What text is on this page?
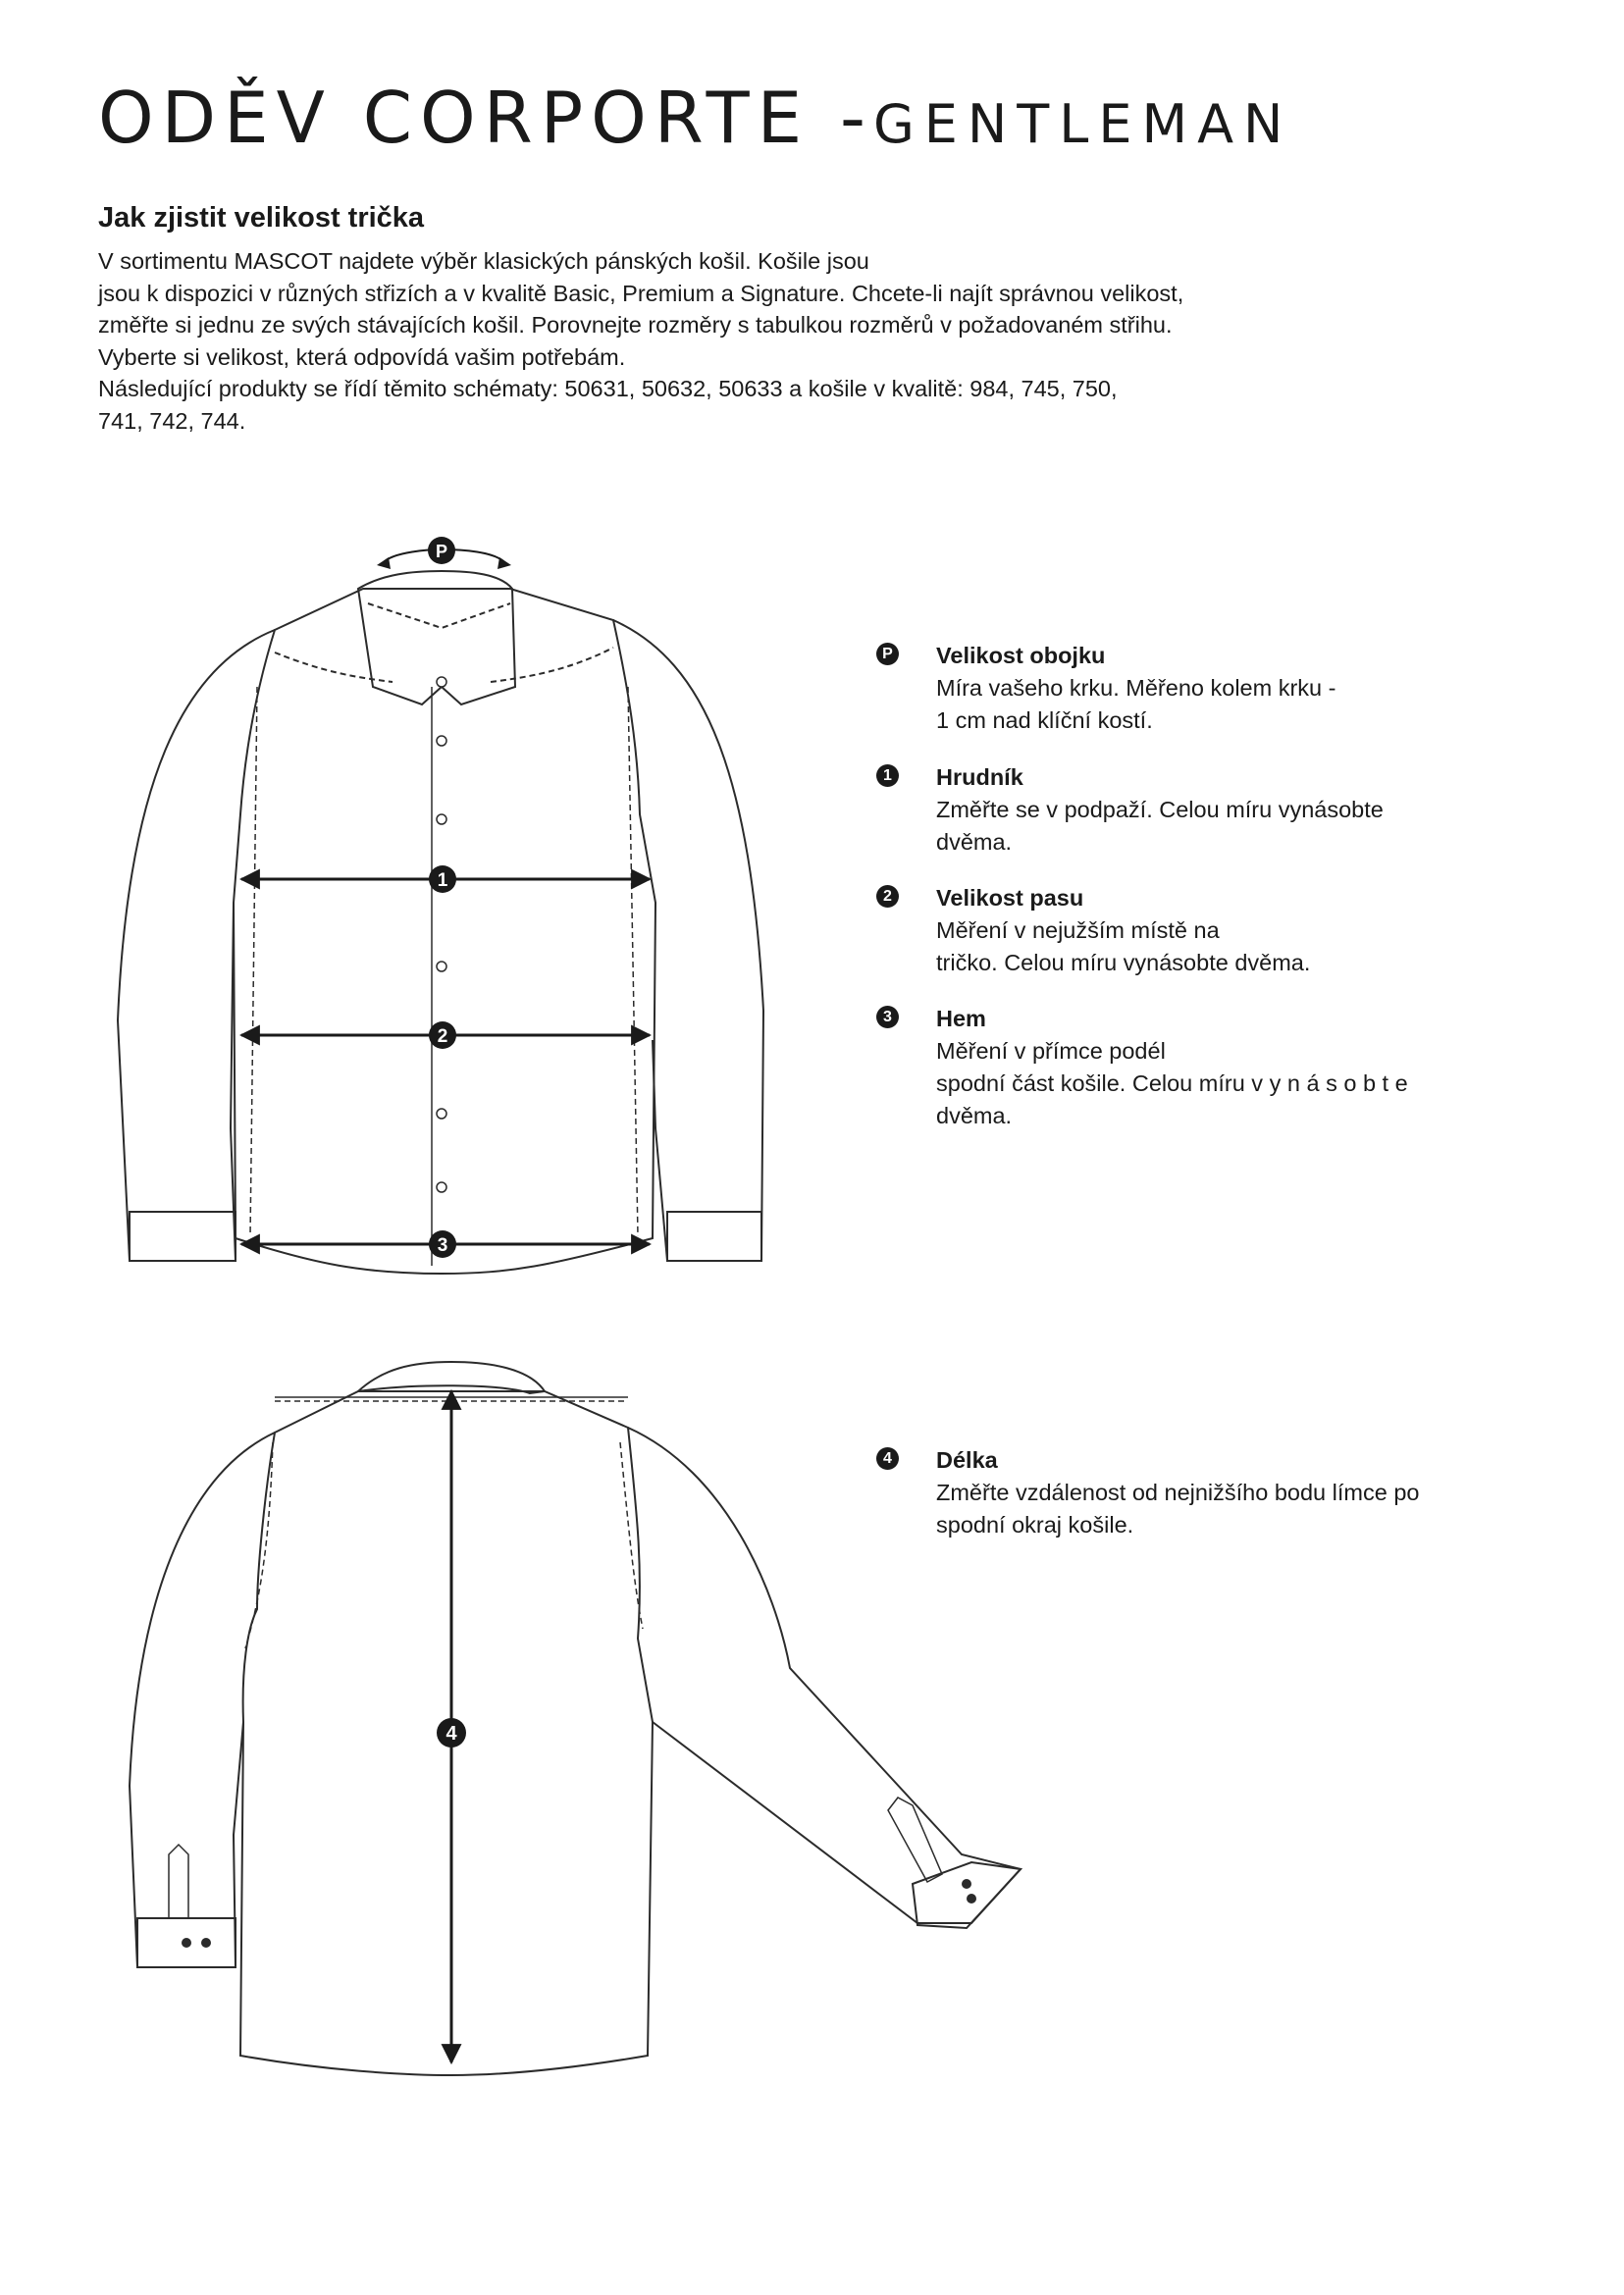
ODĚV CORPORTE -GENTLEMAN
Jak zjistit velikost trička
V sortimentu MASCOT najdete výběr klasických pánských košil. Košile jsou
jsou k dispozici v různých střizích a v kvalitě Basic, Premium a Signature. Chcete-li najít správnou velikost,
změřte si jednu ze svých stávajících košil. Porovnejte rozměry s tabulkou rozměrů v požadovaném střihu.
Vyberte si velikost, která odpovídá vašim potřebám.
Následující produkty se řídí těmito schématy: 50631, 50632, 50633 a košile v kvalitě: 984, 745, 750,
741, 742, 744.
P
1
2
3
4
P Velikost obojku
Míra vašeho krku. Měřeno kolem krku -
1 cm nad klíční kostí.
1 Hrudník
Změřte se v podpaží. Celou míru vynásobte
dvěma.
2 Velikost pasu
Měření v nejužším místě na
tričko. Celou míru vynásobte dvěma.
3 Hem
Měření v přímce podél
spodní část košile. Celou míru v y n á s o b t e
dvěma.
4 Délka
Změřte vzdálenost od nejnižšího bodu límce po
spodní okraj košile.
